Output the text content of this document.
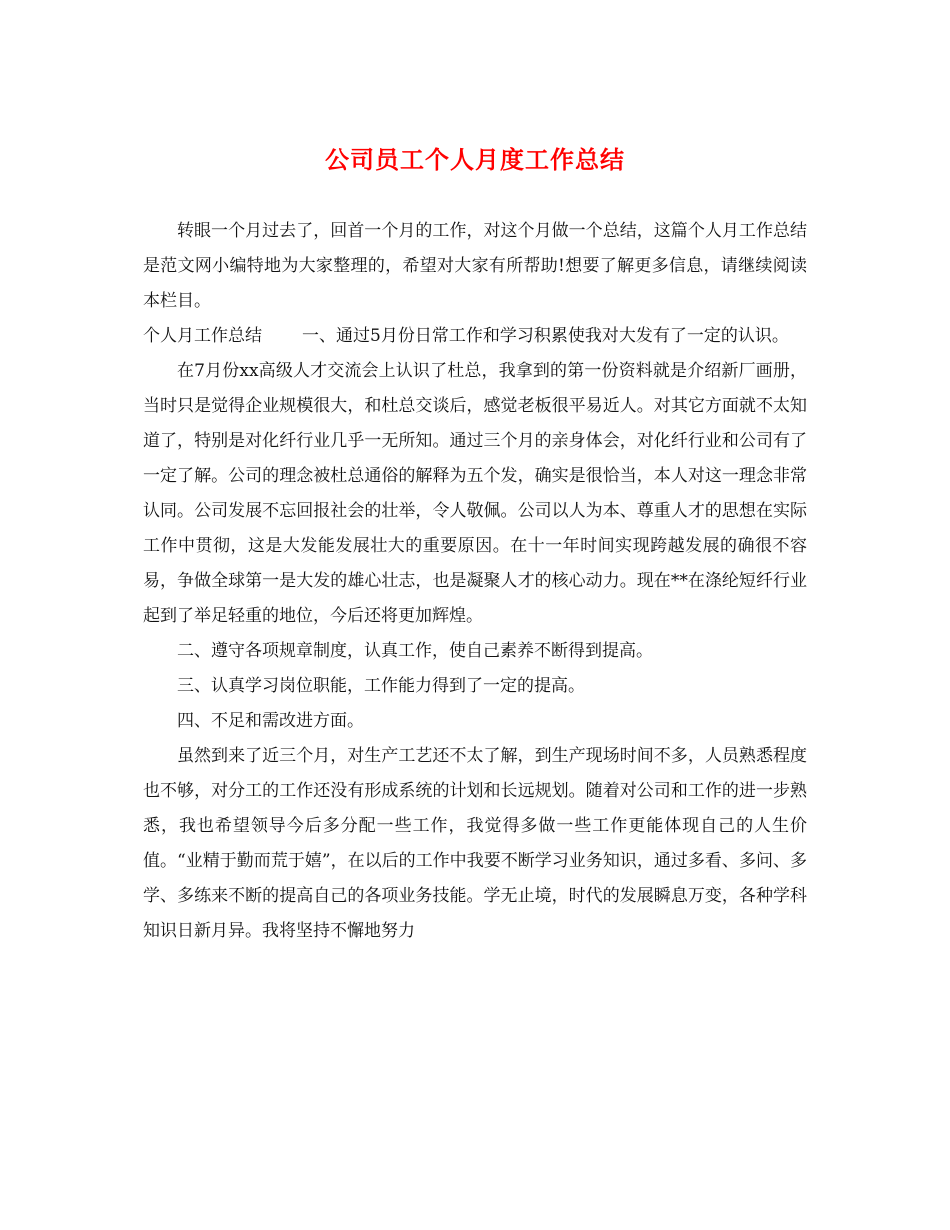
公司员工个人月度工作总结

转眼一个月过去了，回首一个月的工作，对这个月做一个总结，这篇个人月工作总结是范文网小编特地为大家整理的，希望对大家有所帮助!想要了解更多信息，请继续阅读本栏目。

个人月工作总结 一、通过5月份日常工作和学习积累使我对大发有了一定的认识。

在7月份xx高级人才交流会上认识了杜总，我拿到的第一份资料就是介绍新厂画册，当时只是觉得企业规模很大，和杜总交谈后，感觉老板很平易近人。对其它方面就不太知道了，特别是对化纤行业几乎一无所知。通过三个月的亲身体会，对化纤行业和公司有了一定了解。公司的理念被杜总通俗的解释为五个发，确实是很恰当，本人对这一理念非常认同。公司发展不忘回报社会的壮举，令人敬佩。公司以人为本、尊重人才的思想在实际工作中贯彻，这是大发能发展壮大的重要原因。在十一年时间实现跨越发展的确很不容易，争做全球第一是大发的雄心壮志，也是凝聚人才的核心动力。现在**在涤纶短纤行业起到了举足轻重的地位，今后还将更加辉煌。

二、遵守各项规章制度，认真工作，使自己素养不断得到提高。

三、认真学习岗位职能，工作能力得到了一定的提高。

四、不足和需改进方面。

虽然到来了近三个月，对生产工艺还不太了解，到生产现场时间不多，人员熟悉程度也不够，对分工的工作还没有形成系统的计划和长远规划。随着对公司和工作的进一步熟悉，我也希望领导今后多分配一些工作，我觉得多做一些工作更能体现自己的人生价值。“业精于勤而荒于嬉”，在以后的工作中我要不断学习业务知识，通过多看、多问、多学、多练来不断的提高自己的各项业务技能。学无止境，时代的发展瞬息万变，各种学科知识日新月异。我将坚持不懈地努力
